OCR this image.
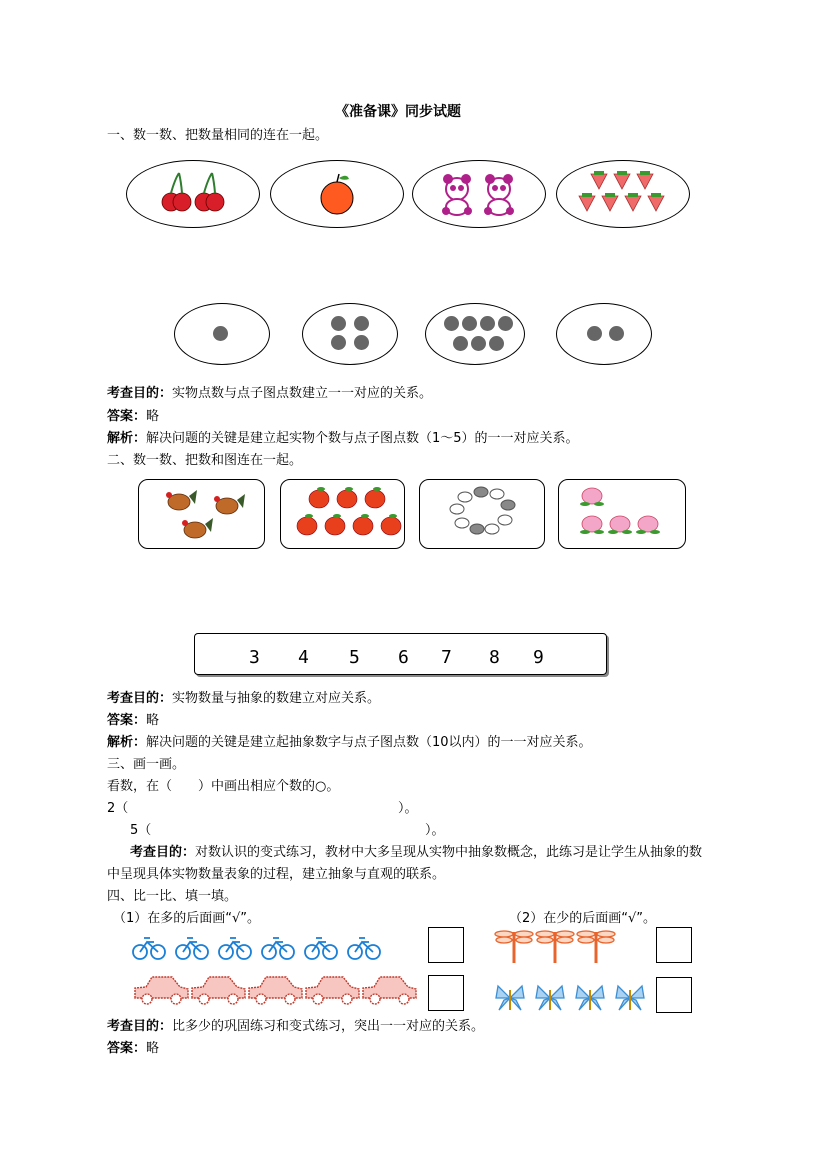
《准备课》同步试题
一、数一数、把数量相同的连在一起。
考查目的：实物点数与点子图点数建立一一对应的关系。
答案：略
解析：解决问题的关键是建立起实物个数与点子图点数（1～5）的一一对应关系。
二、数一数、把数和图连在一起。
3 4 5 6 7 8 9
考查目的：实物数量与抽象的数建立对应关系。
答案：略
解析：解决问题的关键是建立起抽象数字与点子图点数（10以内）的一一对应关系。
三、画一画。
看数，在（　　）中画出相应个数的○。
2（	）。
5（	）。
考查目的：对数认识的变式练习，教材中大多呈现从实物中抽象数概念，此练习是让学生从抽象的数
中呈现具体实物数量表象的过程，建立抽象与直观的联系。
四、比一比、填一填。
（1）在多的后面画“√”。	（2）在少的后面画“√”。
考查目的：比多少的巩固练习和变式练习，突出一一对应的关系。
答案：略
